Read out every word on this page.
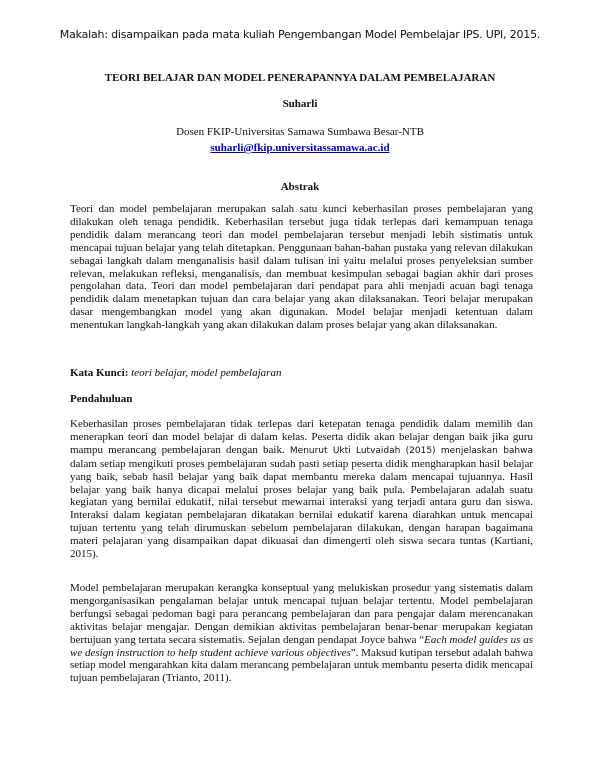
Makalah: disampaikan pada mata kuliah Pengembangan Model Pembelajar IPS. UPI, 2015.
TEORI BELAJAR DAN MODEL PENERAPANNYA DALAM PEMBELAJARAN
Suharli
Dosen FKIP-Universitas Samawa Sumbawa Besar-NTB
suharli@fkip.universitassamawa.ac.id
Abstrak
Teori dan model pembelajaran merupakan salah satu kunci keberhasilan proses pembelajaran yang dilakukan oleh tenaga pendidik. Keberhasilan tersebut juga tidak terlepas dari kemampuan tenaga pendidik dalam merancang teori dan model pembelajaran tersebut menjadi lebih sistimatis untuk mencapai tujuan belajar yang telah ditetapkan. Penggunaan bahan-bahan pustaka yang relevan dilakukan sebagai langkah dalam menganalisis hasil dalam tulisan ini yaitu melalui proses penyeleksian sumber relevan, melakukan refleksi, menganalisis, dan membuat kesimpulan sebagai bagian akhir dari proses pengolahan data. Teori dan model pembelajaran dari pendapat para ahli menjadi acuan bagi tenaga pendidik dalam menetapkan tujuan dan cara belajar yang akan dilaksanakan. Teori belajar merupakan dasar mengembangkan model yang akan digunakan. Model belajar menjadi ketentuan dalam menentukan langkah-langkah yang akan dilakukan dalam proses belajar yang akan dilaksanakan.
Kata Kunci: teori belajar, model pembelajaran
Pendahuluan
Keberhasilan proses pembelajaran tidak terlepas dari ketepatan tenaga pendidik dalam memilih dan menerapkan teori dan model belajar di dalam kelas. Peserta didik akan belajar dengan baik jika guru mampu merancang pembelajaran dengan baik. Menurut Ukti Lutvaidah (2015) menjelaskan bahwa dalam setiap mengikuti proses pembelajaran sudah pasti setiap peserta didik mengharapkan hasil belajar yang baik, sebab hasil belajar yang baik dapat membantu mereka dalam mencapai tujuannya. Hasil belajar yang baik hanya dicapai melalui proses belajar yang baik pula. Pembelajaran adalah suatu kegiatan yang bernilai edukatif, nilai tersebut mewarnai interaksi yang terjadi antara guru dan siswa. Interaksi dalam kegiatan pembelajaran dikatakan bernilai edukatif karena diarahkan untuk mencapai tujuan tertentu yang telah dirumuskan sebelum pembelajaran dilakukan, dengan harapan bagaimana materi pelajaran yang disampaikan dapat dikuasai dan dimengerti oleh siswa secara tuntas (Kartiani, 2015).
Model pembelajaran merupakan kerangka konseptual yang melukiskan prosedur yang sistematis dalam mengorganisasikan pengalaman belajar untuk mencapai tujuan belajar tertentu. Model pembelajaran berfungsi sebagai pedoman bagi para perancang pembelajaran dan para pengajar dalam merencanakan aktivitas belajar mengajar. Dengan demikian aktivitas pembelajaran benar-benar merupakan kegiatan bertujuan yang tertata secara sistematis. Sejalan dengan pendapat Joyce bahwa “Each model guides us as we design instruction to help student achieve various objectives”. Maksud kutipan tersebut adalah bahwa setiap model mengarahkan kita dalam merancang pembelajaran untuk membantu peserta didik mencapai tujuan pembelajaran (Trianto, 2011).
